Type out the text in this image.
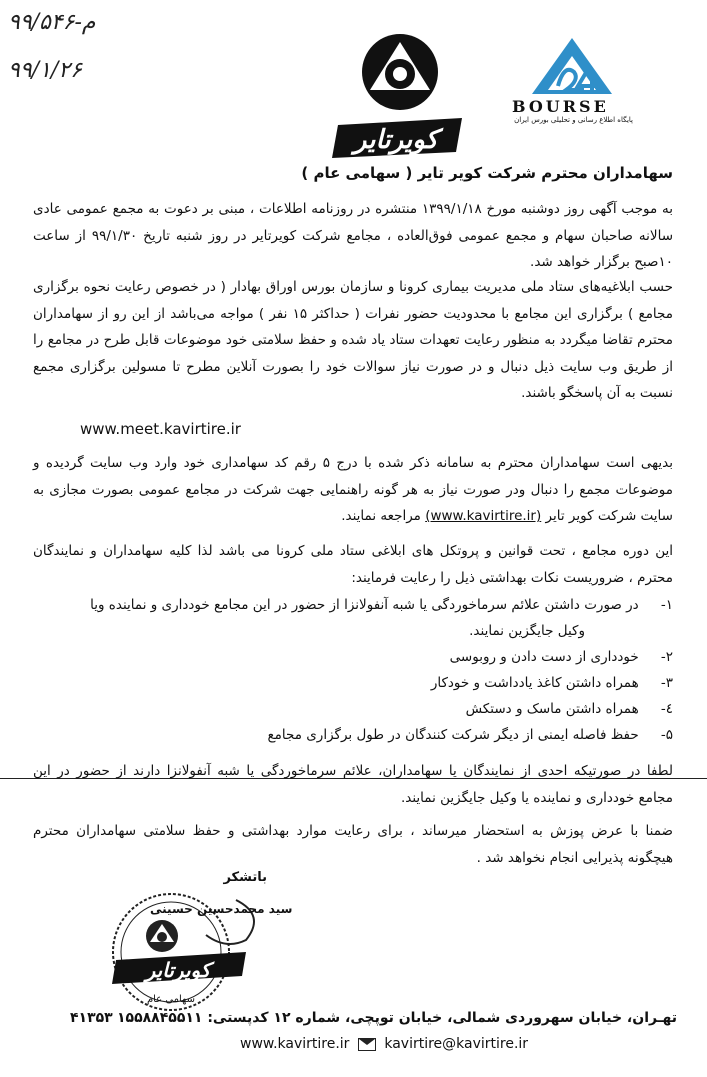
۹۹/م-۵۴۶
۹۹/۱/۲۶
کویرتایر
BOURSE
پایگاه اطلاع رسانی و تحلیلی بورس ایران
سهامداران محترم شرکت کویر تایر ( سهامی عام )
به موجب آگهی روز دوشنبه مورخ ۱۳۹۹/۱/۱۸ منتشره در روزنامه اطلاعات ، مبنی بر دعوت به مجمع عمومی عادی سالانه صاحبان سهام و مجمع عمومی فوق‌العاده ، مجامع شرکت کویرتایر در روز شنبه تاریخ ۹۹/۱/۳۰ از ساعت ۱۰صبح برگزار خواهد شد.
حسب ابلاغیه‌های ستاد ملی مدیریت بیماری کرونا و سازمان بورس اوراق بهادار ( در خصوص رعایت نحوه برگزاری مجامع ) برگزاری این مجامع با محدودیت حضور نفرات ( حداکثر ۱۵ نفر ) مواجه می‌باشد از این رو از سهامداران محترم تقاضا میگردد به منظور رعایت تعهدات ستاد یاد شده و حفظ سلامتی خود موضوعات قابل طرح در مجامع را از طریق وب سایت ذیل دنبال و در صورت نیاز سوالات خود را بصورت آنلاین مطرح تا مسولین برگزاری مجمع نسبت به آن پاسخگو باشند.
www.meet.kavirtire.ir
بدیهی است سهامداران محترم به سامانه ذکر شده با درج ۵ رقم کد سهامداری خود وارد وب سایت گردیده و موضوعات مجمع را دنبال ودر صورت نیاز به هر گونه راهنمایی جهت شرکت در مجامع عمومی بصورت مجازی به سایت شرکت کویر تایر (www.kavirtire.ir) مراجعه نمایند.
این دوره مجامع ، تحت قوانین و پروتکل های ابلاغی ستاد ملی کرونا می باشد لذا کلیه سهامداران و نمایندگان محترم ، ضروریست نکات بهداشتی ذیل را رعایت فرمایند:
۱- در صورت داشتن علائم سرماخوردگی یا شبه آنفولانزا از حضور در این مجامع خودداری و نماینده ویا
وکیل جایگزین نمایند.
۲- خودداری از دست دادن و روبوسی
۳- همراه داشتن کاغذ یادداشت و خودکار
٤- همراه داشتن ماسک و دستکش
۵- حفظ فاصله ایمنی از دیگر شرکت کنندگان در طول برگزاری مجامع
لطفا در صورتیکه احدی از نمایندگان یا سهامداران، علائم سرماخوردگی یا شبه آنفولانزا دارند از حضور در این مجامع خودداری و نماینده یا وکیل جایگزین نمایند.
ضمنا با عرض پوزش به استحضار میرساند ، برای رعایت موارد بهداشتی و حفظ سلامتی سهامداران محترم هیچگونه پذیرایی انجام نخواهد شد .
باتشکر
کویرتایر
سهامی عام
سید محمدحسین حسینی
تهـران، خیابان سهروردی شمالی، خیابان توپچی، شماره ۱۲ کدپستی: ۱۵۵۸۸۴۵۵۱۱
۴۱۳۵۳
www.kavirtire.ir kavirtire@kavirtire.ir
